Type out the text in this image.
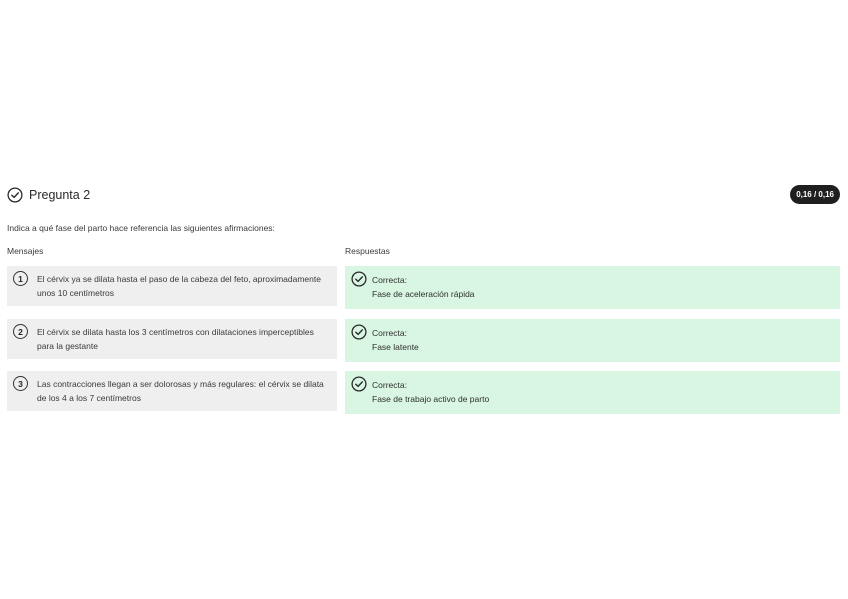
Pregunta 2	0,16 / 0,16
Indica a qué fase del parto hace referencia las siguientes afirmaciones:
Mensajes	Respuestas
1	El cérvix ya se dilata hasta el paso de la cabeza del feto, aproximadamente unos 10 centímetros
Correcta:
Fase de aceleración rápida
2	El cérvix se dilata hasta los 3 centímetros con dilataciones imperceptibles para la gestante
Correcta:
Fase latente
3	Las contracciones llegan a ser dolorosas y más regulares: el cérvix se dilata de los 4 a los 7 centímetros
Correcta:
Fase de trabajo activo de parto
